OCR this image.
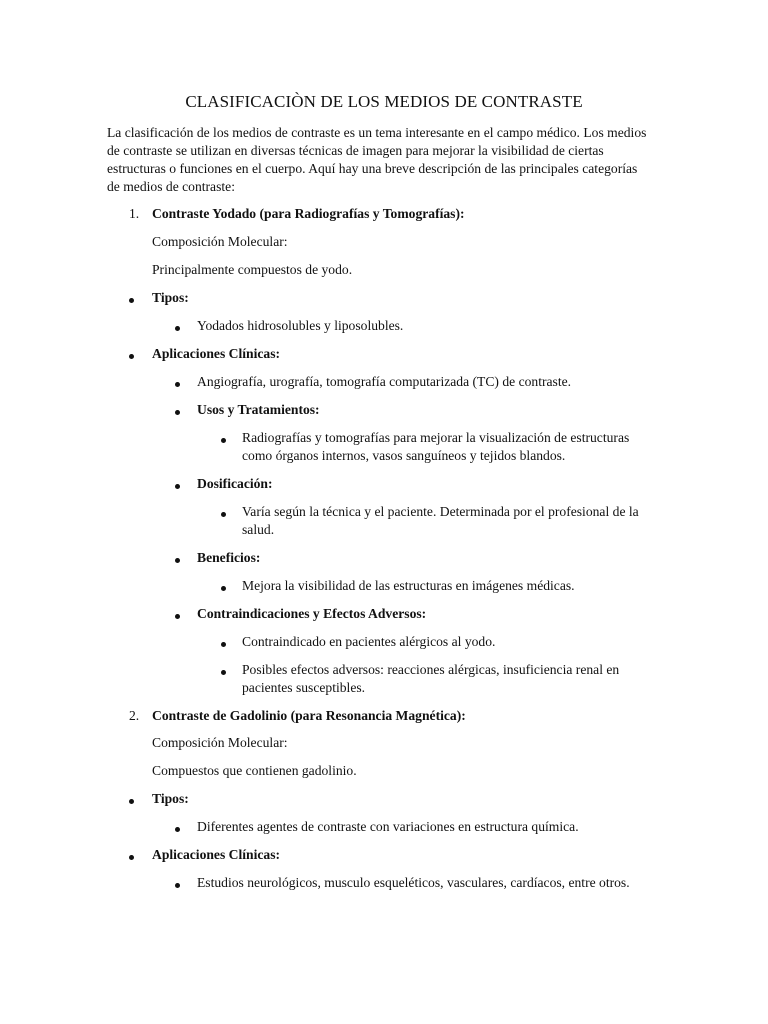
CLASIFICACIÒN DE LOS MEDIOS DE CONTRASTE
La clasificación de los medios de contraste es un tema interesante en el campo médico. Los medios
de contraste se utilizan en diversas técnicas de imagen para mejorar la visibilidad de ciertas
estructuras o funciones en el cuerpo. Aquí hay una breve descripción de las principales categorías
de medios de contraste:
1. Contraste Yodado (para Radiografías y Tomografías):
Composición Molecular:
Principalmente compuestos de yodo.
Tipos:
Yodados hidrosolubles y liposolubles.
Aplicaciones Clínicas:
Angiografía, urografía, tomografía computarizada (TC) de contraste.
Usos y Tratamientos:
Radiografías y tomografías para mejorar la visualización de estructuras
como órganos internos, vasos sanguíneos y tejidos blandos.
Dosificación:
Varía según la técnica y el paciente. Determinada por el profesional de la
salud.
Beneficios:
Mejora la visibilidad de las estructuras en imágenes médicas.
Contraindicaciones y Efectos Adversos:
Contraindicado en pacientes alérgicos al yodo.
Posibles efectos adversos: reacciones alérgicas, insuficiencia renal en
pacientes susceptibles.
2. Contraste de Gadolinio (para Resonancia Magnética):
Composición Molecular:
Compuestos que contienen gadolinio.
Tipos:
Diferentes agentes de contraste con variaciones en estructura química.
Aplicaciones Clínicas:
Estudios neurológicos, musculo esqueléticos, vasculares, cardíacos, entre otros.
